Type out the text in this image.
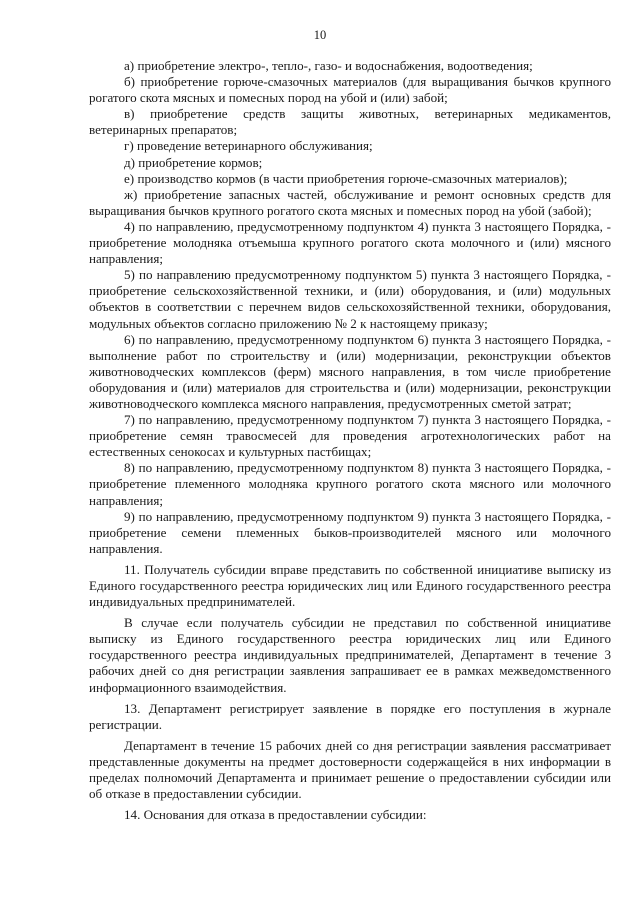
10

а) приобретение электро-, тепло-, газо- и водоснабжения, водоотведения;

б) приобретение горюче-смазочных материалов (для выращивания бычков крупного рогатого скота мясных и помесных пород на убой и (или) забой;

в) приобретение средств защиты животных, ветеринарных медикаментов, ветеринарных препаратов;

г) проведение ветеринарного обслуживания;

д) приобретение кормов;

е) производство кормов (в части приобретения горюче-смазочных материалов);

ж) приобретение запасных частей, обслуживание и ремонт основных средств для выращивания бычков крупного рогатого скота мясных и помесных пород на убой (забой);

4) по направлению, предусмотренному подпунктом 4) пункта 3 настоящего Порядка, - приобретение молодняка отъемыша крупного рогатого скота молочного и (или) мясного направления;

5) по направлению предусмотренному подпунктом 5) пункта 3 настоящего Порядка, - приобретение сельскохозяйственной техники, и (или) оборудования, и (или) модульных объектов в соответствии с перечнем видов сельскохозяйственной техники, оборудования, модульных объектов согласно приложению № 2 к настоящему приказу;

6) по направлению, предусмотренному подпунктом 6) пункта 3 настоящего Порядка, - выполнение работ по строительству и (или) модернизации, реконструкции объектов животноводческих комплексов (ферм) мясного направления, в том числе приобретение оборудования и (или) материалов для строительства и (или) модернизации, реконструкции животноводческого комплекса мясного направления, предусмотренных сметой затрат;

7) по направлению, предусмотренному подпунктом 7) пункта 3 настоящего Порядка, - приобретение семян травосмесей для проведения агротехнологических работ на естественных сенокосах и культурных пастбищах;

8) по направлению, предусмотренному подпунктом 8) пункта 3 настоящего Порядка, - приобретение племенного молодняка крупного рогатого скота мясного или молочного направления;

9) по направлению, предусмотренному подпунктом 9) пункта 3 настоящего Порядка, - приобретение семени племенных быков-производителей мясного или молочного направления.

11. Получатель субсидии вправе представить по собственной инициативе выписку из Единого государственного реестра юридических лиц или Единого государственного реестра индивидуальных предпринимателей.

В случае если получатель субсидии не представил по собственной инициативе выписку из Единого государственного реестра юридических лиц или Единого государственного реестра индивидуальных предпринимателей, Департамент в течение 3 рабочих дней со дня регистрации заявления запрашивает ее в рамках межведомственного информационного взаимодействия.

13. Департамент регистрирует заявление в порядке его поступления в журнале регистрации.

Департамент в течение 15 рабочих дней со дня регистрации заявления рассматривает представленные документы на предмет достоверности содержащейся в них информации в пределах полномочий Департамента и принимает решение о предоставлении субсидии или об отказе в предоставлении субсидии.

14. Основания для отказа в предоставлении субсидии:
